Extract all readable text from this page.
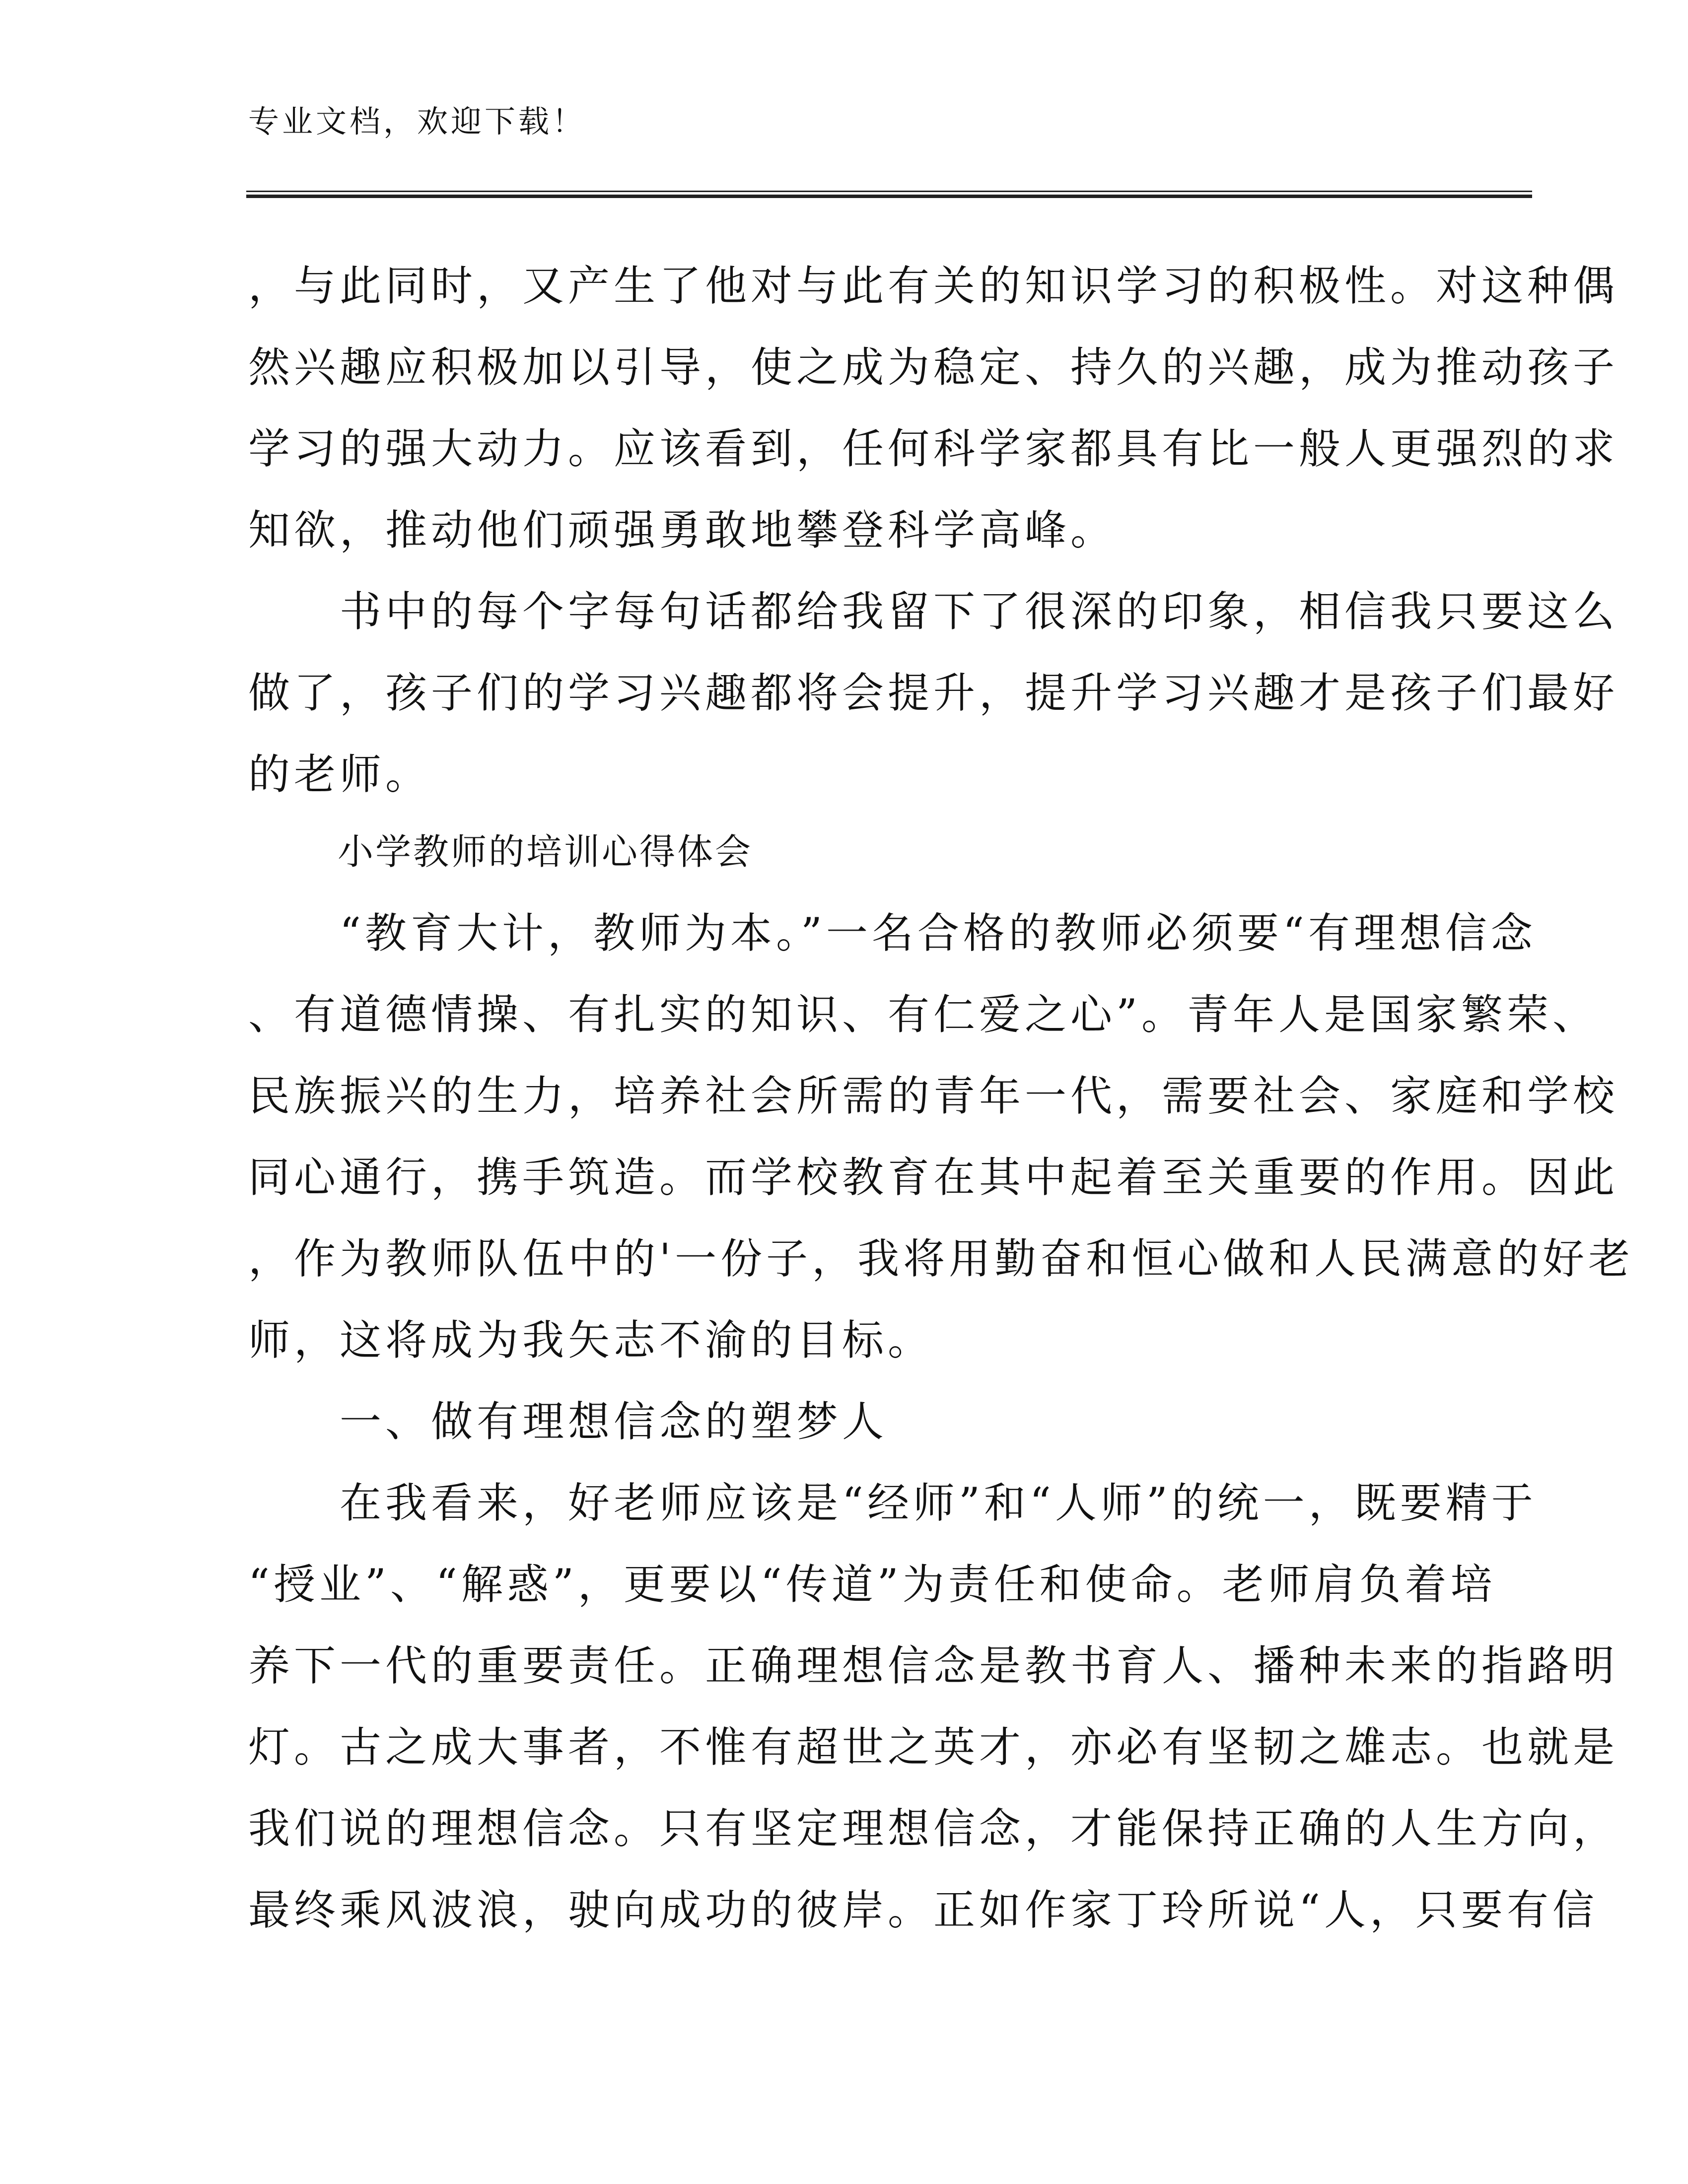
专业文档，欢迎下载！
，与此同时，又产生了他对与此有关的知识学习的积极性。对这种偶
然兴趣应积极加以引导，使之成为稳定、持久的兴趣，成为推动孩子
学习的强大动力。应该看到，任何科学家都具有比一般人更强烈的求
知欲，推动他们顽强勇敢地攀登科学高峰。
　　书中的每个字每句话都给我留下了很深的印象，相信我只要这么
做了，孩子们的学习兴趣都将会提升，提升学习兴趣才是孩子们最好
的老师。
小学教师的培训心得体会
　　“教育大计，教师为本。”一名合格的教师必须要“有理想信念
、有道德情操、有扎实的知识、有仁爱之心”。青年人是国家繁荣、
民族振兴的生力，培养社会所需的青年一代，需要社会、家庭和学校
同心通行，携手筑造。而学校教育在其中起着至关重要的作用。因此
，作为教师队伍中的'一份子，我将用勤奋和恒心做和人民满意的好老
师，这将成为我矢志不渝的目标。
　　一、做有理想信念的塑梦人
　　在我看来，好老师应该是“经师”和“人师”的统一，既要精于
“授业”、“解惑”，更要以“传道”为责任和使命。老师肩负着培
养下一代的重要责任。正确理想信念是教书育人、播种未来的指路明
灯。古之成大事者，不惟有超世之英才，亦必有坚韧之雄志。也就是
我们说的理想信念。只有坚定理想信念，才能保持正确的人生方向，
最终乘风波浪，驶向成功的彼岸。正如作家丁玲所说“人，只要有信
